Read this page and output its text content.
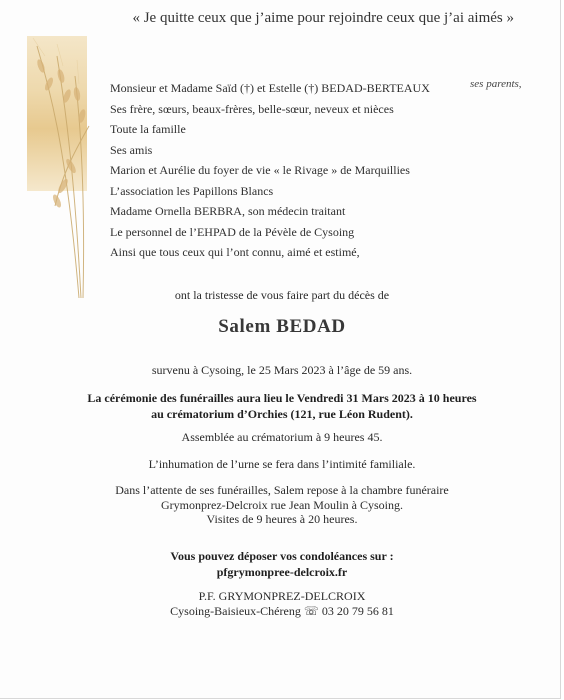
« Je quitte ceux que j’aime pour rejoindre ceux que j’ai aimés »
ses parents,
Monsieur et Madame Saïd (†) et Estelle (†) BEDAD-BERTEAUX
Ses frère, sœurs, beaux-frères, belle-sœur, neveux et nièces
Toute la famille
Ses amis
Marion et Aurélie du foyer de vie « le Rivage » de Marquillies
L’association les Papillons Blancs
Madame Ornella BERBRA, son médecin traitant
Le personnel de l’EHPAD de la Pévèle de Cysoing
Ainsi que tous ceux qui l’ont connu, aimé et estimé,
ont la tristesse de vous faire part du décès de
Salem BEDAD
survenu à Cysoing, le 25 Mars 2023 à l’âge de 59 ans.
La cérémonie des funérailles aura lieu le Vendredi 31 Mars 2023 à 10 heures
au crématorium d’Orchies (121, rue Léon Rudent).
Assemblée au crématorium à 9 heures 45.
L’inhumation de l’urne se fera dans l’intimité familiale.
Dans l’attente de ses funérailles, Salem repose à la chambre funéraire
Grymonprez-Delcroix rue Jean Moulin à Cysoing.
Visites de 9 heures à 20 heures.
Vous pouvez déposer vos condoléances sur :
pfgrymonpree-delcroix.fr
P.F. GRYMONPREZ-DELCROIX
Cysoing-Baisieux-Chéreng ☏ 03 20 79 56 81
